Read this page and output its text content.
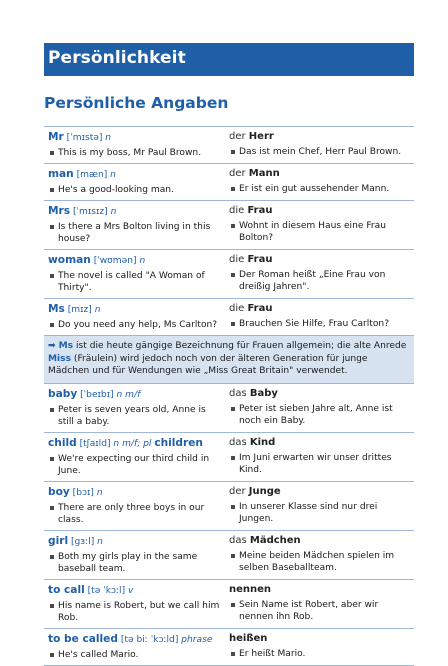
Persönlichkeit
Persönliche Angaben
Mr [ˈmɪstə] n
This is my boss, Mr Paul Brown.
der Herr
Das ist mein Chef, Herr Paul Brown.
man [mæn] n
He's a good-looking man.
der Mann
Er ist ein gut aussehender Mann.
Mrs [ˈmɪsɪz] n
Is there a Mrs Bolton living in this house?
die Frau
Wohnt in diesem Haus eine Frau Bolton?
woman [ˈwʊmən] n
The novel is called "A Woman of Thirty".
die Frau
Der Roman heißt „Eine Frau von dreißig Jahren".
Ms [mɪz] n
Do you need any help, Ms Carlton?
die Frau
Brauchen Sie Hilfe, Frau Carlton?
➡ Ms ist die heute gängige Bezeichnung für Frauen allgemein; die alte Anrede Miss (Fräulein) wird jedoch noch von der älteren Generation für junge Mädchen und für Wendungen wie „Miss Great Britain" verwendet.
baby [ˈbeɪbɪ] n m/f
Peter is seven years old, Anne is still a baby.
das Baby
Peter ist sieben Jahre alt, Anne ist noch ein Baby.
child [tʃaɪld] n m/f; pl children
We're expecting our third child in June.
das Kind
Im Juni erwarten wir unser drittes Kind.
boy [bɔɪ] n
There are only three boys in our class.
der Junge
In unserer Klasse sind nur drei Jungen.
girl [gɜːl] n
Both my girls play in the same baseball team.
das Mädchen
Meine beiden Mädchen spielen im selben Baseballteam.
to call [tə ˈkɔːl] v
His name is Robert, but we call him Rob.
nennen
Sein Name ist Robert, aber wir nennen ihn Rob.
to be called [tə biː ˈkɔːld] phrase
He's called Mario.
heißen
Er heißt Mario.
